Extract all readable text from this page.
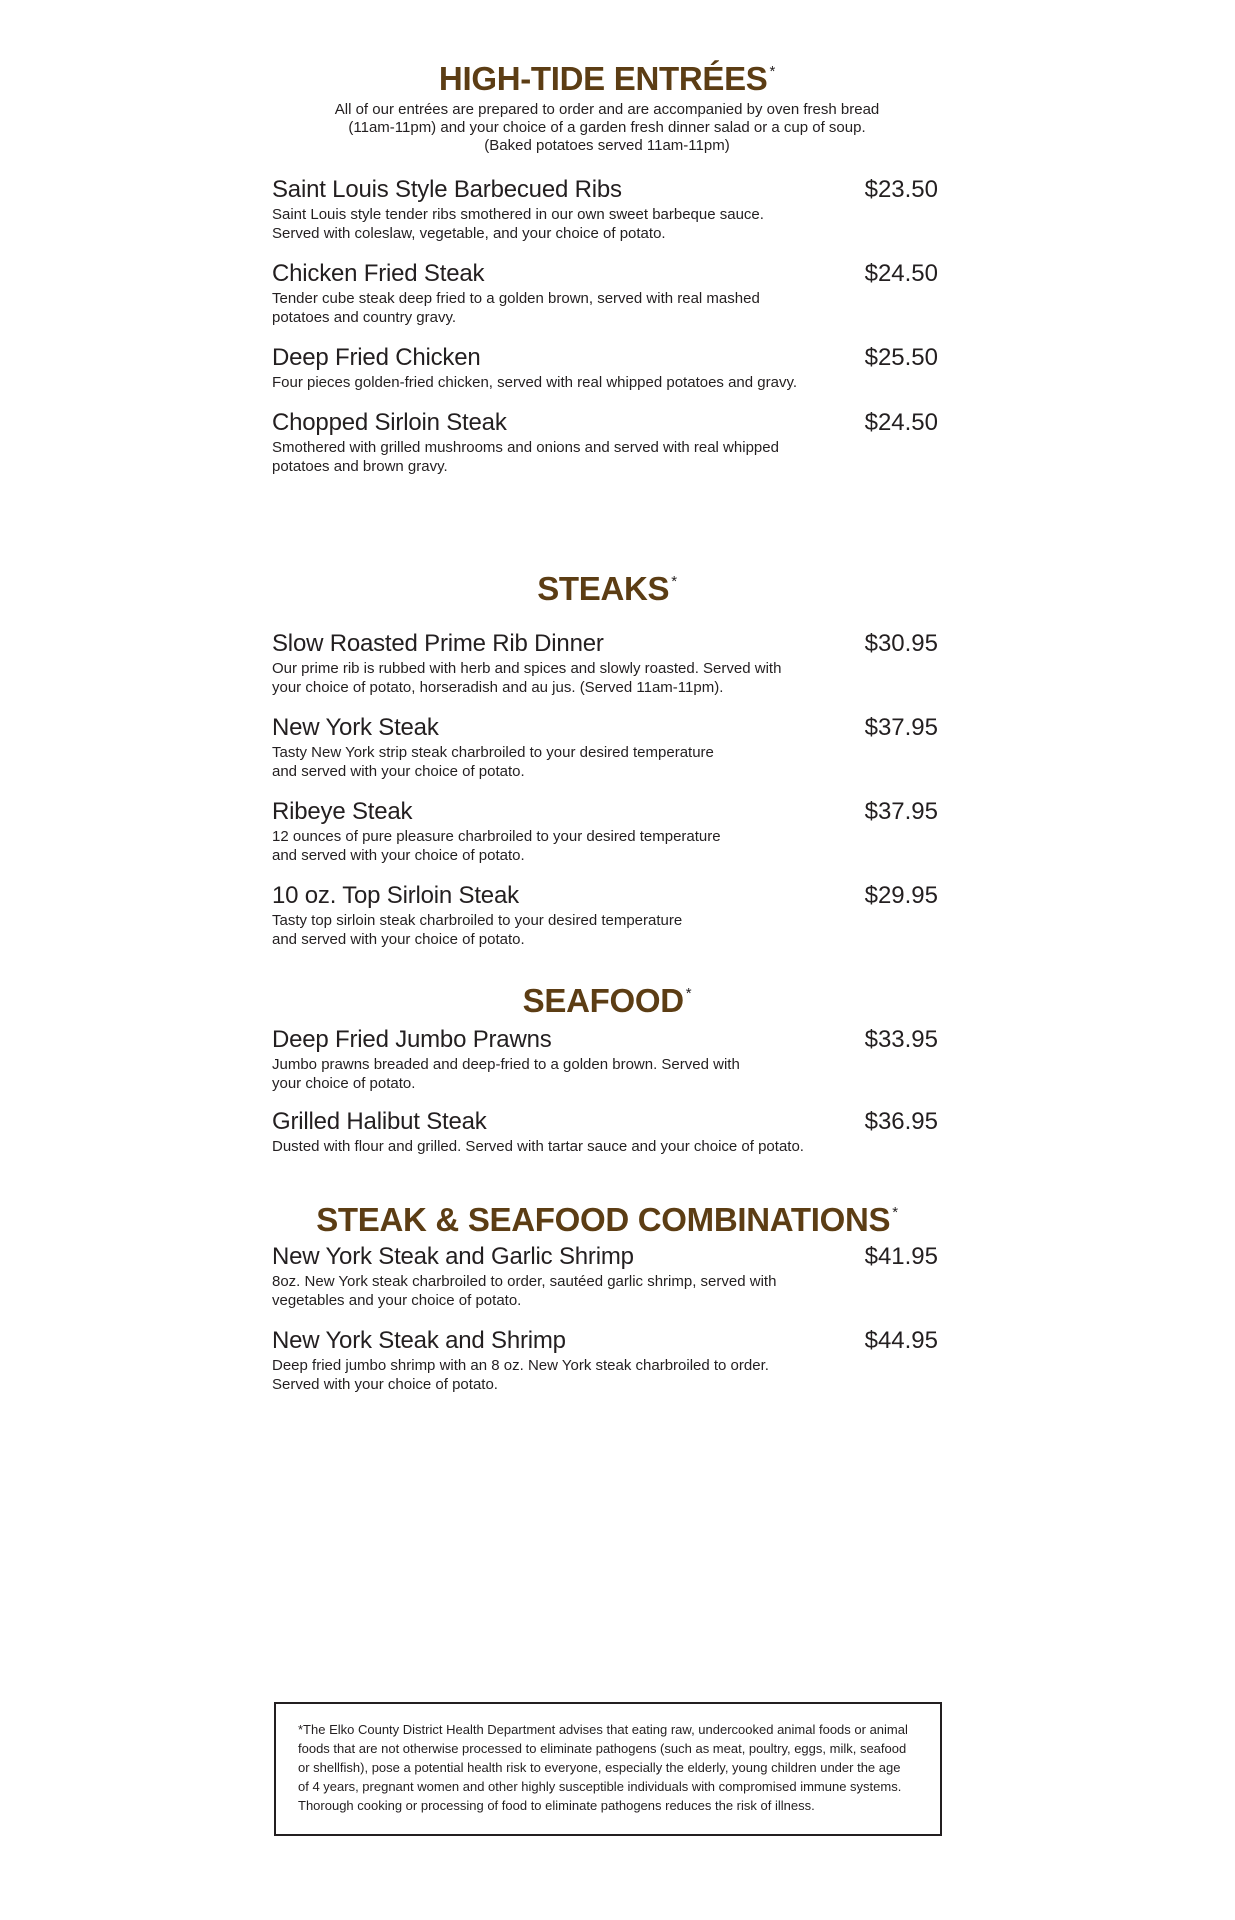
HIGH-TIDE ENTRÉES *
All of our entrées are prepared to order and are accompanied by oven fresh bread
(11am-11pm) and your choice of a garden fresh dinner salad or a cup of soup.
(Baked potatoes served 11am-11pm)
Saint Louis Style Barbecued Ribs	$23.50
Saint Louis style tender ribs smothered in our own sweet barbeque sauce.
Served with coleslaw, vegetable, and your choice of potato.
Chicken Fried Steak	$24.50
Tender cube steak deep fried to a golden brown, served with real mashed
potatoes and country gravy.
Deep Fried Chicken	$25.50
Four pieces golden-fried chicken, served with real whipped potatoes and gravy.
Chopped Sirloin Steak	$24.50
Smothered with grilled mushrooms and onions and served with real whipped
potatoes and brown gravy.
STEAKS *
Slow Roasted Prime Rib Dinner	$30.95
Our prime rib is rubbed with herb and spices and slowly roasted. Served with
your choice of potato, horseradish and au jus. (Served 11am-11pm).
New York Steak	$37.95
Tasty New York strip steak charbroiled to your desired temperature
and served with your choice of potato.
Ribeye Steak	$37.95
12 ounces of pure pleasure charbroiled to your desired temperature
and served with your choice of potato.
10 oz. Top Sirloin Steak	$29.95
Tasty top sirloin steak charbroiled to your desired temperature
and served with your choice of potato.
SEAFOOD *
Deep Fried Jumbo Prawns	$33.95
Jumbo prawns breaded and deep-fried to a golden brown. Served with
your choice of potato.
Grilled Halibut Steak	$36.95
Dusted with flour and grilled. Served with tartar sauce and your choice of potato.
STEAK & SEAFOOD COMBINATIONS *
New York Steak and Garlic Shrimp	$41.95
8oz. New York steak charbroiled to order, sautéed garlic shrimp, served with
vegetables and your choice of potato.
New York Steak and Shrimp	$44.95
Deep fried jumbo shrimp with an 8 oz. New York steak charbroiled to order.
Served with your choice of potato.
*The Elko County District Health Department advises that eating raw, undercooked animal foods or animal
foods that are not otherwise processed to eliminate pathogens (such as meat, poultry, eggs, milk, seafood
or shellfish), pose a potential health risk to everyone, especially the elderly, young children under the age
of 4 years, pregnant women and other highly susceptible individuals with compromised immune systems.
Thorough cooking or processing of food to eliminate pathogens reduces the risk of illness.
